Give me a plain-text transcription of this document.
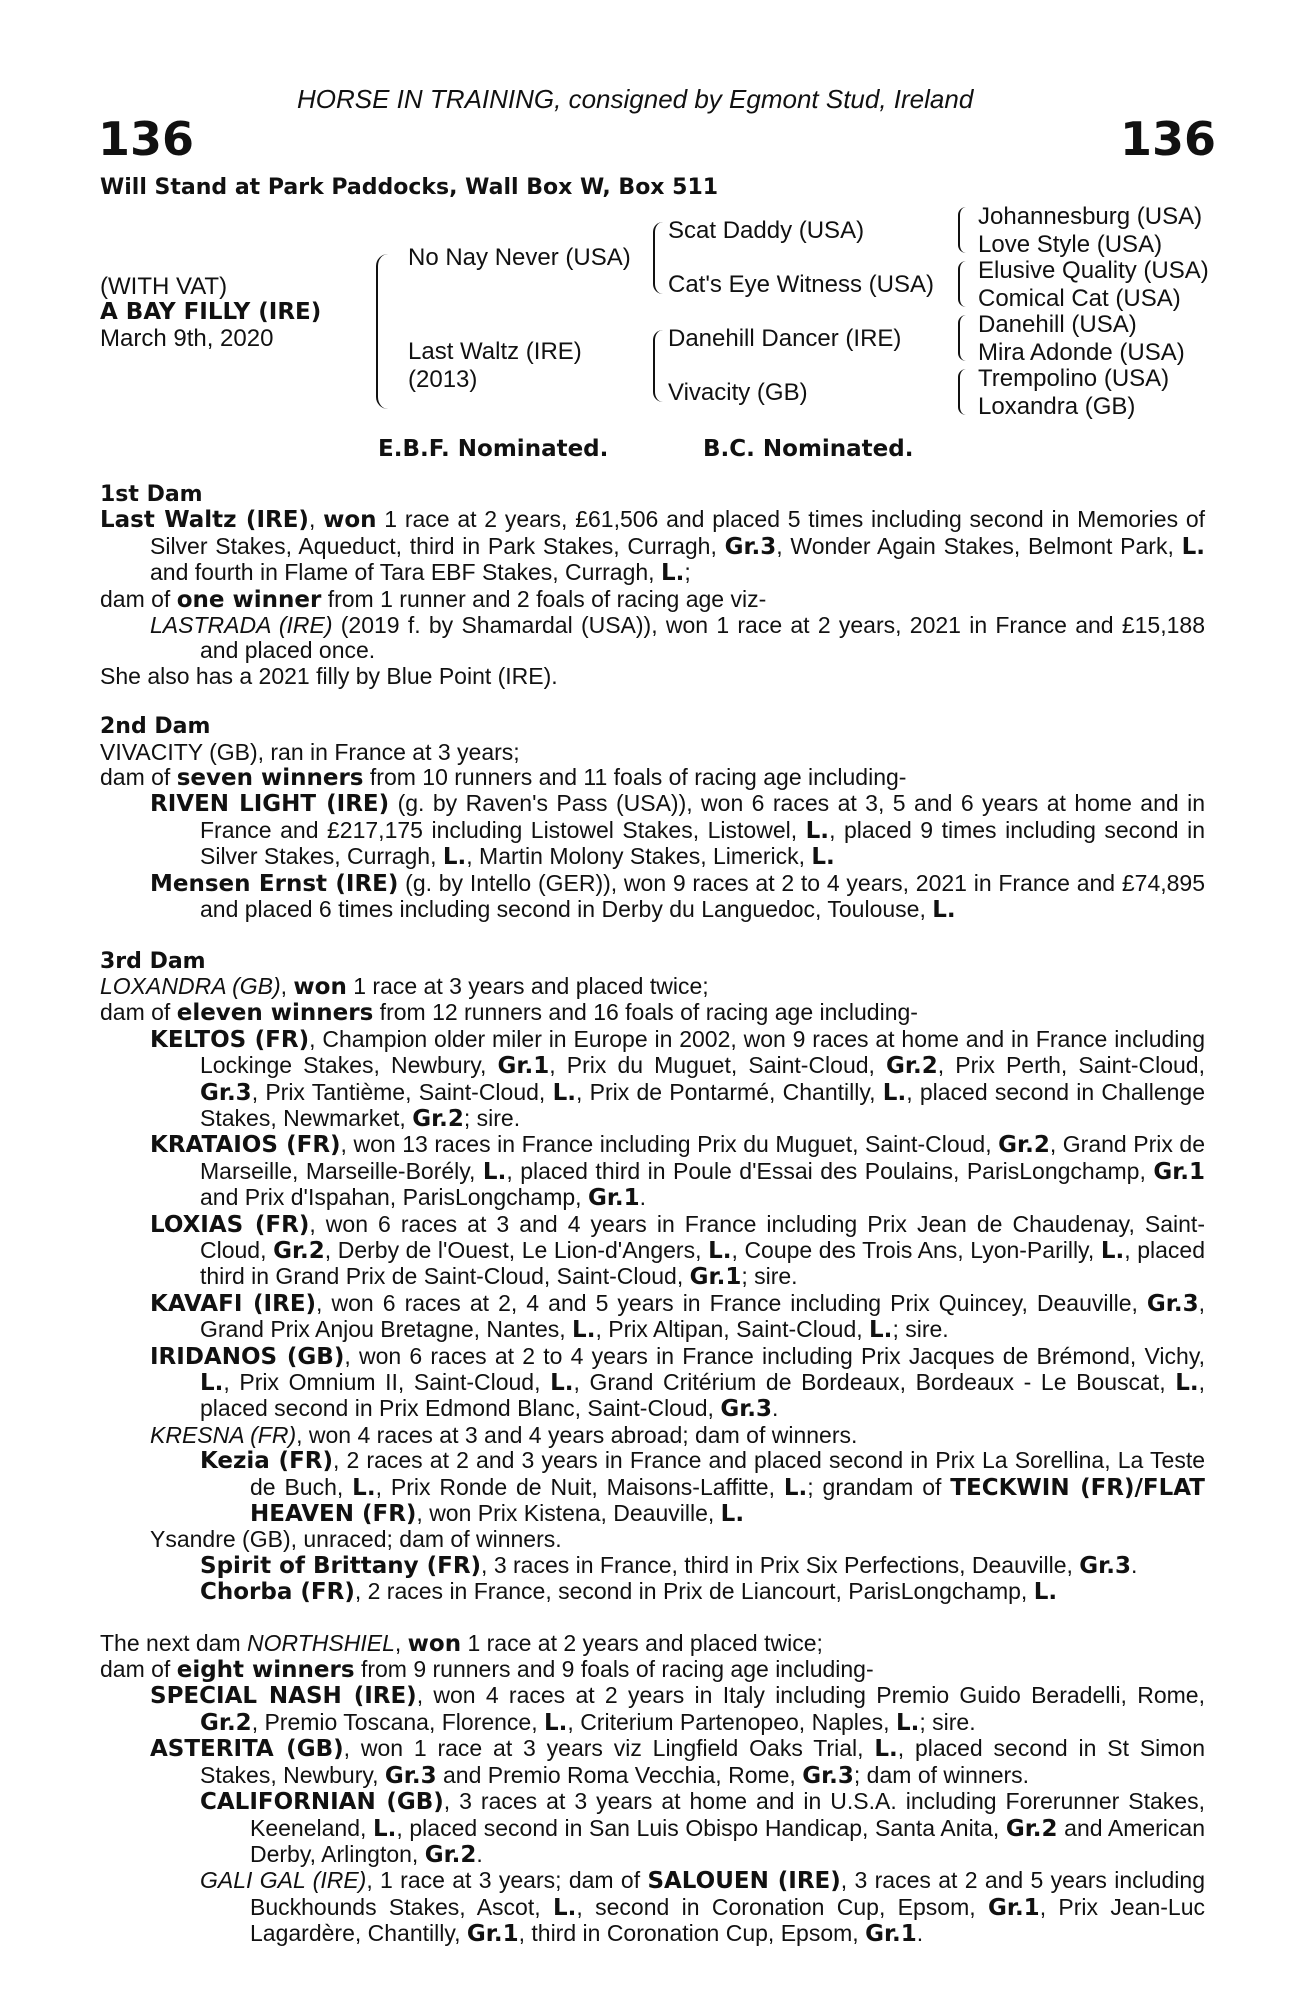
HORSE IN TRAINING, consigned by Egmont Stud, Ireland
136	136
Will Stand at Park Paddocks, Wall Box W, Box 511
(WITH VAT)
A BAY FILLY (IRE)
March 9th, 2020
No Nay Never (USA)
Last Waltz (IRE)
(2013)
Scat Daddy (USA)
Cat's Eye Witness (USA)
Danehill Dancer (IRE)
Vivacity (GB)
Johannesburg (USA)
Love Style (USA)
Elusive Quality (USA)
Comical Cat (USA)
Danehill (USA)
Mira Adonde (USA)
Trempolino (USA)
Loxandra (GB)
E.B.F. Nominated.	B.C. Nominated.
1st Dam

Last Waltz (IRE), won 1 race at 2 years, £61,506 and placed 5 times including second in Memories of Silver Stakes, Aqueduct, third in Park Stakes, Curragh, Gr.3, Wonder Again Stakes, Belmont Park, L. and fourth in Flame of Tara EBF Stakes, Curragh, L.;

dam of one winner from 1 runner and 2 foals of racing age viz-

LASTRADA (IRE) (2019 f. by Shamardal (USA)), won 1 race at 2 years, 2021 in France and £15,188 and placed once.

She also has a 2021 filly by Blue Point (IRE).

2nd Dam

VIVACITY (GB), ran in France at 3 years;

dam of seven winners from 10 runners and 11 foals of racing age including-

RIVEN LIGHT (IRE) (g. by Raven's Pass (USA)), won 6 races at 3, 5 and 6 years at home and in France and £217,175 including Listowel Stakes, Listowel, L., placed 9 times including second in Silver Stakes, Curragh, L., Martin Molony Stakes, Limerick, L.

Mensen Ernst (IRE) (g. by Intello (GER)), won 9 races at 2 to 4 years, 2021 in France and £74,895 and placed 6 times including second in Derby du Languedoc, Toulouse, L.

3rd Dam

LOXANDRA (GB), won 1 race at 3 years and placed twice;

dam of eleven winners from 12 runners and 16 foals of racing age including-

KELTOS (FR), Champion older miler in Europe in 2002, won 9 races at home and in France including Lockinge Stakes, Newbury, Gr.1, Prix du Muguet, Saint-Cloud, Gr.2, Prix Perth, Saint-Cloud, Gr.3, Prix Tantième, Saint-Cloud, L., Prix de Pontarmé, Chantilly, L., placed second in Challenge Stakes, Newmarket, Gr.2; sire.

KRATAIOS (FR), won 13 races in France including Prix du Muguet, Saint-Cloud, Gr.2, Grand Prix de Marseille, Marseille-Borély, L., placed third in Poule d'Essai des Poulains, ParisLongchamp, Gr.1 and Prix d'Ispahan, ParisLongchamp, Gr.1.

LOXIAS (FR), won 6 races at 3 and 4 years in France including Prix Jean de Chaudenay, Saint-Cloud, Gr.2, Derby de l'Ouest, Le Lion-d'Angers, L., Coupe des Trois Ans, Lyon-Parilly, L., placed third in Grand Prix de Saint-Cloud, Saint-Cloud, Gr.1; sire.

KAVAFI (IRE), won 6 races at 2, 4 and 5 years in France including Prix Quincey, Deauville, Gr.3, Grand Prix Anjou Bretagne, Nantes, L., Prix Altipan, Saint-Cloud, L.; sire.

IRIDANOS (GB), won 6 races at 2 to 4 years in France including Prix Jacques de Brémond, Vichy, L., Prix Omnium II, Saint-Cloud, L., Grand Critérium de Bordeaux, Bordeaux - Le Bouscat, L., placed second in Prix Edmond Blanc, Saint-Cloud, Gr.3.

KRESNA (FR), won 4 races at 3 and 4 years abroad; dam of winners.

Kezia (FR), 2 races at 2 and 3 years in France and placed second in Prix La Sorellina, La Teste de Buch, L., Prix Ronde de Nuit, Maisons-Laffitte, L.; grandam of TECKWIN (FR)/FLAT HEAVEN (FR), won Prix Kistena, Deauville, L.

Ysandre (GB), unraced; dam of winners.

Spirit of Brittany (FR), 3 races in France, third in Prix Six Perfections, Deauville, Gr.3.

Chorba (FR), 2 races in France, second in Prix de Liancourt, ParisLongchamp, L.

The next dam NORTHSHIEL, won 1 race at 2 years and placed twice;

dam of eight winners from 9 runners and 9 foals of racing age including-

SPECIAL NASH (IRE), won 4 races at 2 years in Italy including Premio Guido Beradelli, Rome, Gr.2, Premio Toscana, Florence, L., Criterium Partenopeo, Naples, L.; sire.

ASTERITA (GB), won 1 race at 3 years viz Lingfield Oaks Trial, L., placed second in St Simon Stakes, Newbury, Gr.3 and Premio Roma Vecchia, Rome, Gr.3; dam of winners.

CALIFORNIAN (GB), 3 races at 3 years at home and in U.S.A. including Forerunner Stakes, Keeneland, L., placed second in San Luis Obispo Handicap, Santa Anita, Gr.2 and American Derby, Arlington, Gr.2.

GALI GAL (IRE), 1 race at 3 years; dam of SALOUEN (IRE), 3 races at 2 and 5 years including Buckhounds Stakes, Ascot, L., second in Coronation Cup, Epsom, Gr.1, Prix Jean-Luc Lagardère, Chantilly, Gr.1, third in Coronation Cup, Epsom, Gr.1.
